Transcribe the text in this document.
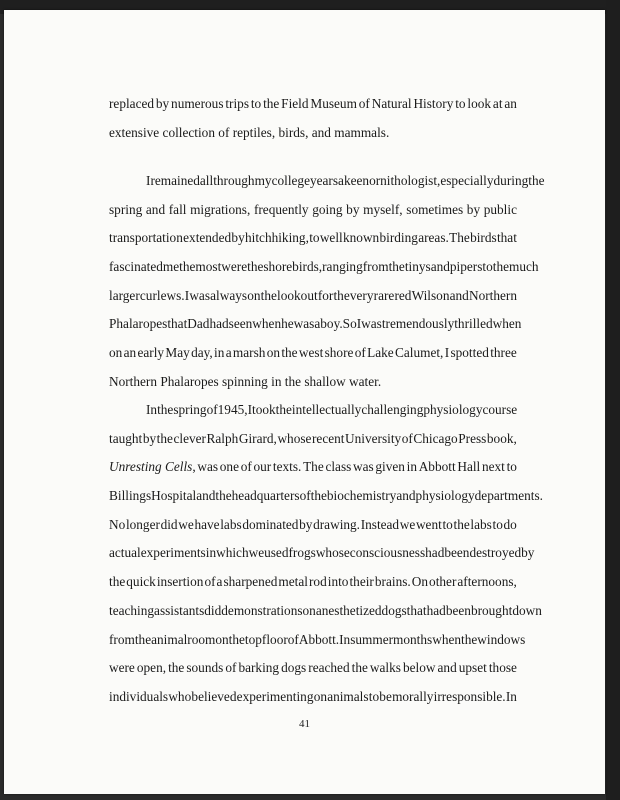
replaced by numerous trips to the Field Museum of Natural History to look at an
extensive collection of reptiles, birds, and mammals.
I remained all through my college years a keen ornithologist, especially during the
spring and fall migrations, frequently going by myself, sometimes by public
transportation extended by hitchhiking, to well known birding areas. The birds that
fascinated me the most were the shorebirds, ranging from the tiny sandpipers to the much
larger curlews. I was always on the lookout for the very rare red Wilson and Northern
Phalaropes that Dad had seen when he was a boy. So I was tremendously thrilled when
on an early May day, in a marsh on the west shore of Lake Calumet, I spotted three
Northern Phalaropes spinning in the shallow water.
In the spring of 1945, I took the intellectually challenging physiology course
taught by the clever Ralph Girard, whose recent University of Chicago Press book,
Unresting Cells, was one of our texts. The class was given in Abbott Hall next to
Billings Hospital and the headquarters of the biochemistry and physiology departments.
No longer did we have labs dominated by drawing. Instead we went to the labs to do
actual experiments in which we used frogs whose consciousness had been destroyed by
the quick insertion of a sharpened metal rod into their brains. On other afternoons,
teaching assistants did demonstrations on anesthetized dogs that had been brought down
from the animal room on the top floor of Abbott. In summer months when the windows
were open, the sounds of barking dogs reached the walks below and upset those
individuals who believed experimenting on animals to be morally irresponsible. In
41
